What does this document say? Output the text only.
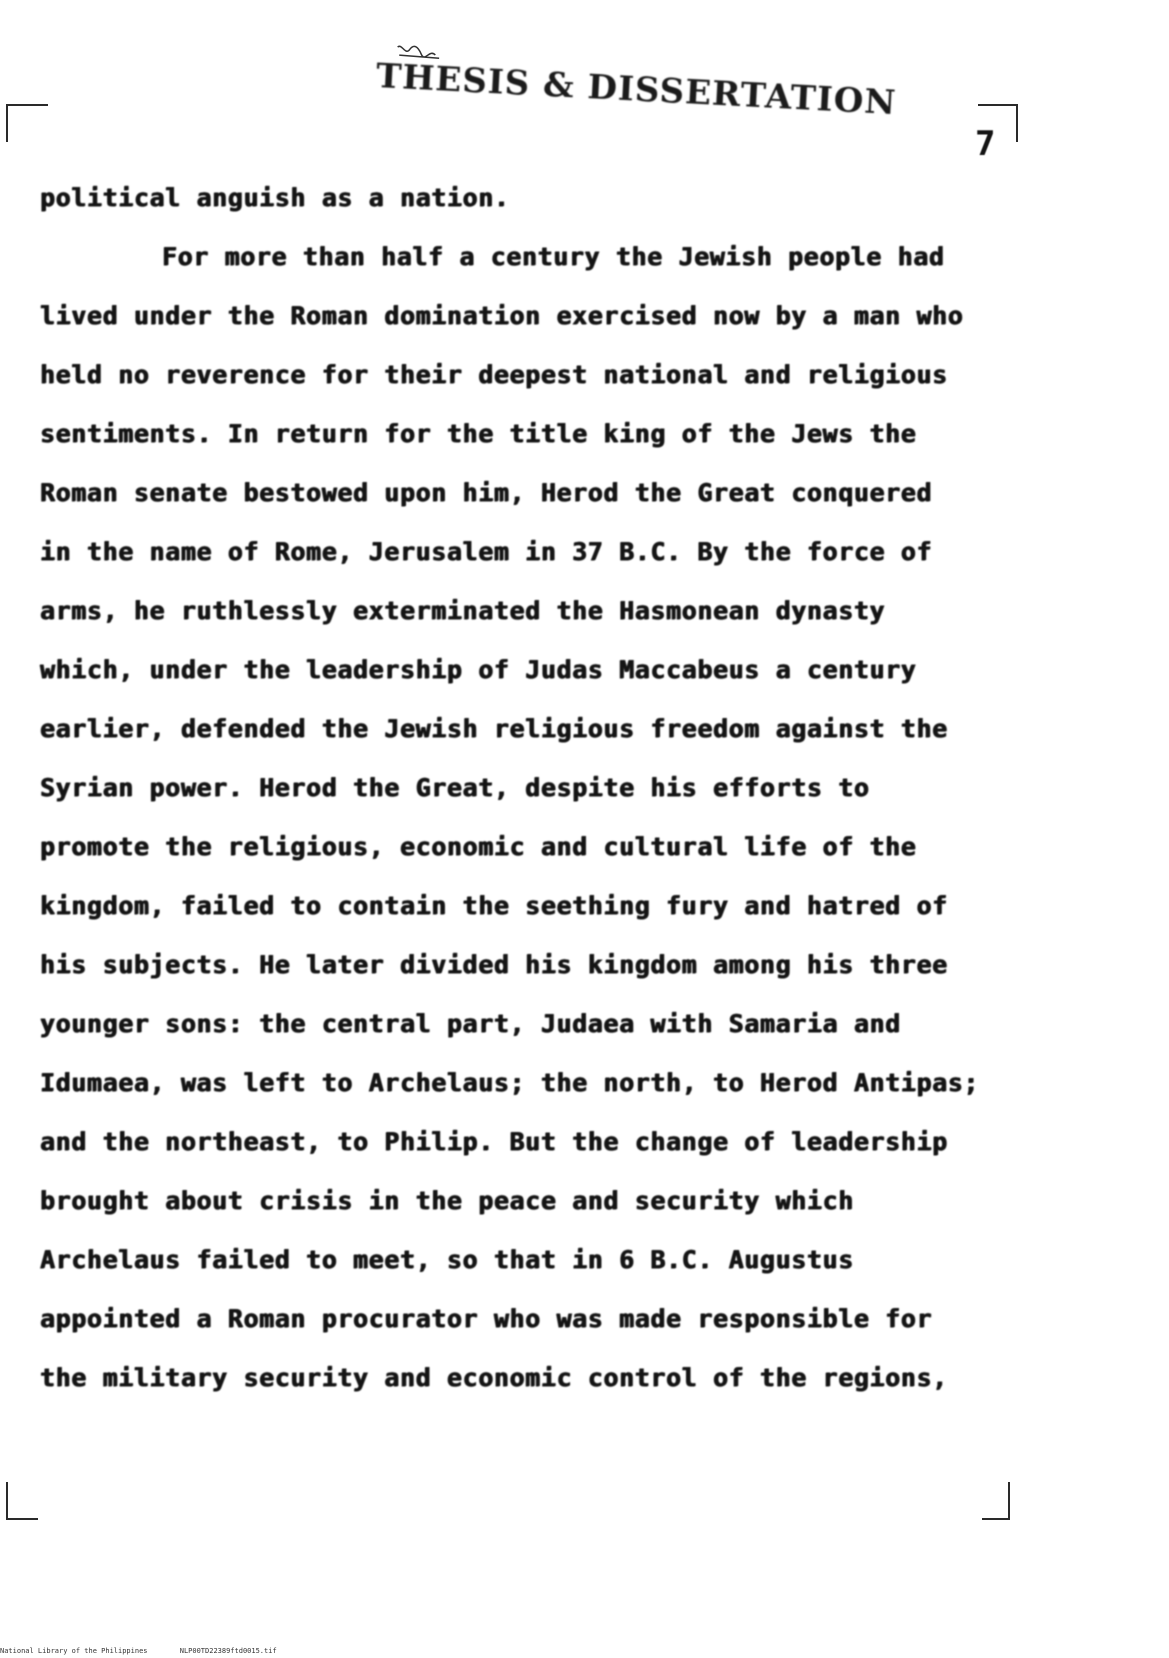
THESIS & DISSERTATION
7
political anguish as a nation.
For more than half a century the Jewish people had
lived under the Roman domination exercised now by a man who
held no reverence for their deepest national and religious
sentiments. In return for the title king of the Jews the
Roman senate bestowed upon him, Herod the Great conquered
in the name of Rome, Jerusalem in 37 B.C. By the force of
arms, he ruthlessly exterminated the Hasmonean dynasty
which, under the leadership of Judas Maccabeus a century
earlier, defended the Jewish religious freedom against the
Syrian power. Herod the Great, despite his efforts to
promote the religious, economic and cultural life of the
kingdom, failed to contain the seething fury and hatred of
his subjects. He later divided his kingdom among his three
younger sons: the central part, Judaea with Samaria and
Idumaea, was left to Archelaus; the north, to Herod Antipas;
and the northeast, to Philip. But the change of leadership
brought about crisis in the peace and security which
Archelaus failed to meet, so that in 6 B.C. Augustus
appointed a Roman procurator who was made responsible for
the military security and economic control of the regions,
National Library of the Philippines	NLP00TD22389ftd0015.tif
